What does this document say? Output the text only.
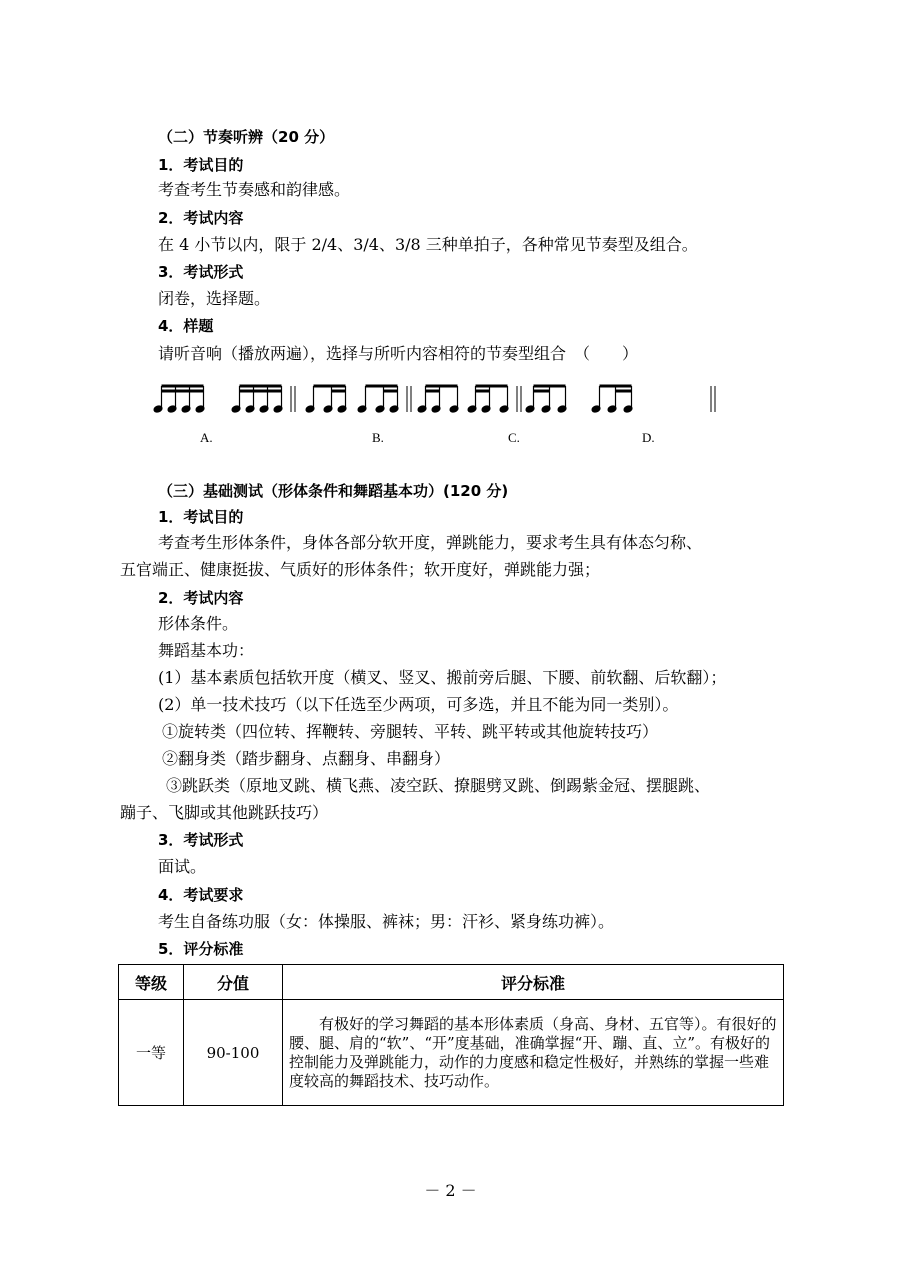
（二）节奏听辨（20 分）
1．考试目的
考查考生节奏感和韵律感。
2．考试内容
在 4 小节以内，限于 2/4、3/4、3/8 三种单拍子，各种常见节奏型及组合。
3．考试形式
闭卷，选择题。
4．样题
请听音响（播放两遍），选择与所听内容相符的节奏型组合　（　　）
A.	B.	C.	D.
（三）基础测试（形体条件和舞蹈基本功）(120 分)
1．考试目的
考查考生形体条件，身体各部分软开度，弹跳能力，要求考生具有体态匀称、
五官端正、健康挺拔、气质好的形体条件；软开度好，弹跳能力强；
2．考试内容
形体条件。
舞蹈基本功：
(1）基本素质包括软开度（横叉、竖叉、搬前旁后腿、下腰、前软翻、后软翻）；
(2）单一技术技巧（以下任选至少两项，可多选，并且不能为同一类别）。
①旋转类（四位转、挥鞭转、旁腿转、平转、跳平转或其他旋转技巧）
②翻身类（踏步翻身、点翻身、串翻身）
③跳跃类（原地叉跳、横飞燕、凌空跃、撩腿劈叉跳、倒踢紫金冠、摆腿跳、
蹦子、飞脚或其他跳跃技巧）
3．考试形式
面试。
4．考试要求
考生自备练功服（女：体操服、裤袜；男：汗衫、紧身练功裤）。
5．评分标准
等级	分值	评分标准
一等	90-100	有极好的学习舞蹈的基本形体素质（身高、身材、五官等）。有很好的腰、腿、肩的“软”、“开”度基础，准确掌握“开、蹦、直、立”。有极好的控制能力及弹跳能力，动作的力度感和稳定性极好，并熟练的掌握一些难度较高的舞蹈技术、技巧动作。
－ 2 －
